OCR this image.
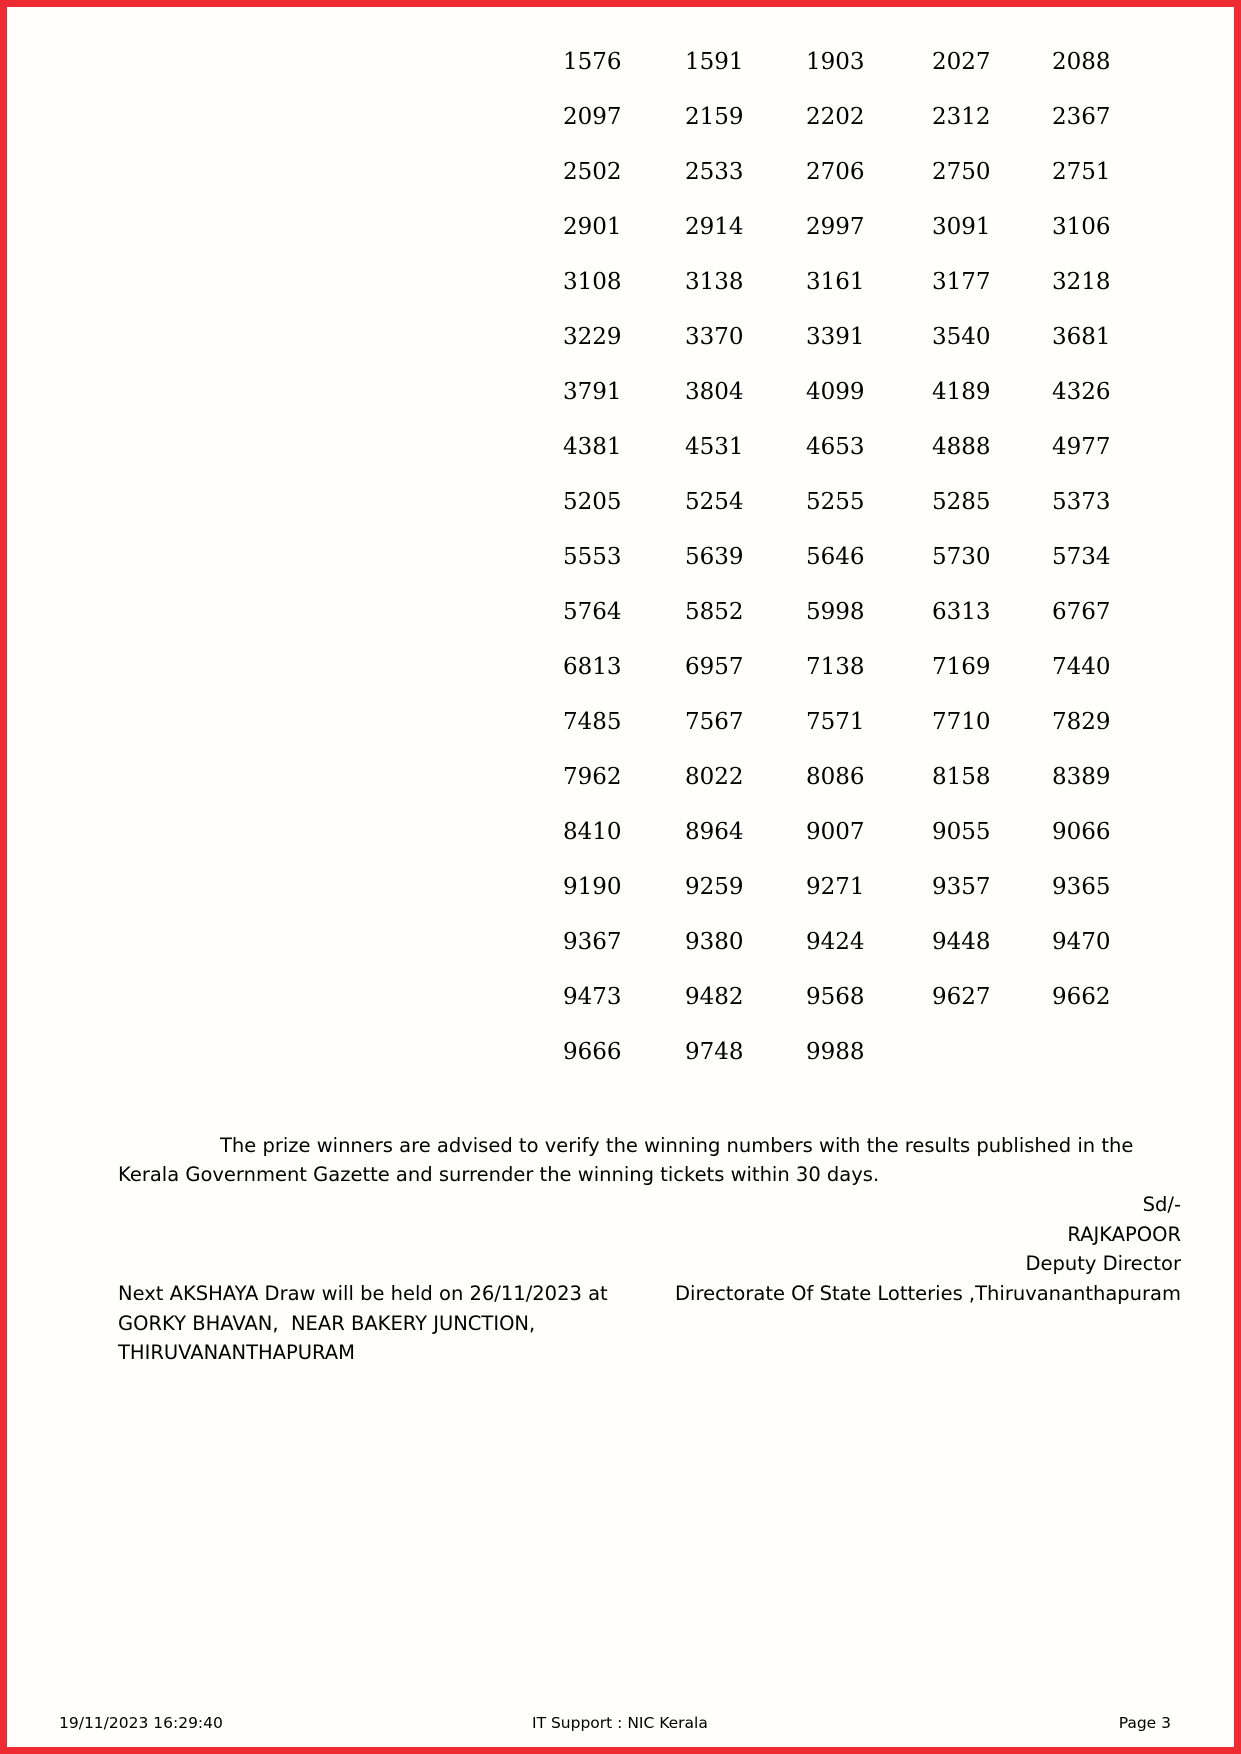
1576	1591	1903	2027	2088
2097	2159	2202	2312	2367
2502	2533	2706	2750	2751
2901	2914	2997	3091	3106
3108	3138	3161	3177	3218
3229	3370	3391	3540	3681
3791	3804	4099	4189	4326
4381	4531	4653	4888	4977
5205	5254	5255	5285	5373
5553	5639	5646	5730	5734
5764	5852	5998	6313	6767
6813	6957	7138	7169	7440
7485	7567	7571	7710	7829
7962	8022	8086	8158	8389
8410	8964	9007	9055	9066
9190	9259	9271	9357	9365
9367	9380	9424	9448	9470
9473	9482	9568	9627	9662
9666	9748	9988
The prize winners are advised to verify the winning numbers with the results published in the Kerala Government Gazette and surrender the winning tickets within 30 days.
Sd/-
RAJKAPOOR
Deputy Director
Directorate Of State Lotteries ,Thiruvananthapuram
Next AKSHAYA Draw will be held on 26/11/2023 at
GORKY BHAVAN,  NEAR BAKERY JUNCTION,
THIRUVANANTHAPURAM
19/11/2023 16:29:40	IT Support : NIC Kerala	Page 3
